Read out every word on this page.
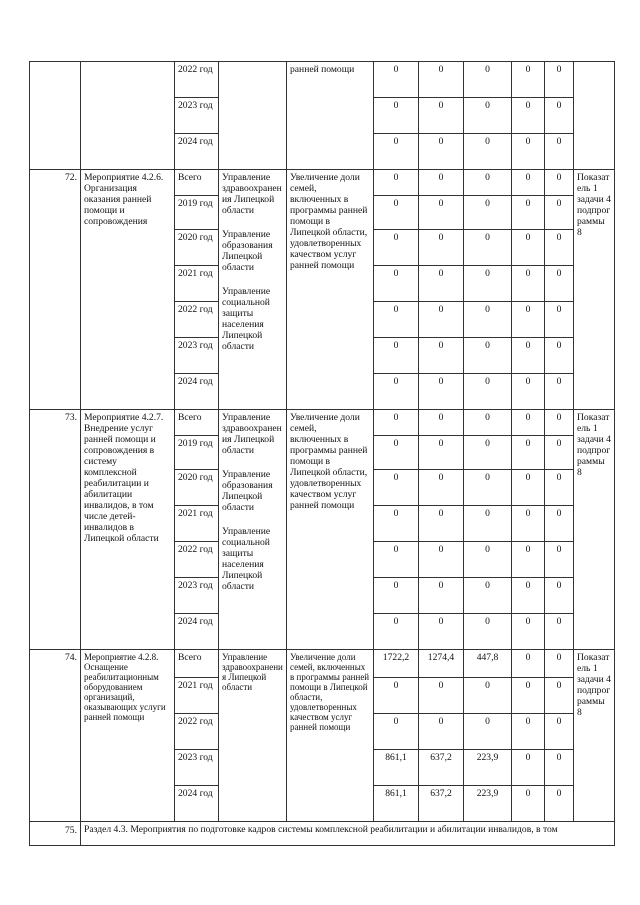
		2022 год		ранней помощи	0	0	0	0	0	
		2023 год			0	0	0	0	0	
		2024 год			0	0	0	0	0	
72.	Мероприятие 4.2.6. Организация оказания ранней помощи и сопровождения	Всего	Управление здравоохранения Липецкой области
Управление образования Липецкой области
Управление социальной защиты населения Липецкой области	Увеличение доли семей, включенных в программы ранней помощи в Липецкой области, удовлетворенных качеством услуг ранней помощи	0	0	0	0	0	Показатель 1 задачи 4 подпрограммы 8
		2019 год			0	0	0	0	0	
		2020 год			0	0	0	0	0	
		2021 год			0	0	0	0	0	
		2022 год			0	0	0	0	0	
		2023 год			0	0	0	0	0	
		2024 год			0	0	0	0	0	
73.	Мероприятие 4.2.7. Внедрение услуг ранней помощи и сопровождения в систему комплексной реабилитации и абилитации инвалидов, в том числе детей-инвалидов в Липецкой области	Всего	Управление здравоохранения Липецкой области
Управление образования Липецкой области
Управление социальной защиты населения Липецкой области	Увеличение доли семей, включенных в программы ранней помощи в Липецкой области, удовлетворенных качеством услуг ранней помощи	0	0	0	0	0	Показатель 1 задачи 4 подпрограммы 8
		2019 год			0	0	0	0	0	
		2020 год			0	0	0	0	0	
		2021 год			0	0	0	0	0	
		2022 год			0	0	0	0	0	
		2023 год			0	0	0	0	0	
		2024 год			0	0	0	0	0	
74.	Мероприятие 4.2.8. Оснащение реабилитационным оборудованием организаций, оказывающих услуги ранней помощи	Всего	Управление здравоохранения Липецкой области	Увеличение доли семей, включенных в программы ранней помощи в Липецкой области, удовлетворенных качеством услуг ранней помощи	1722,2	1274,4	447,8	0	0	Показатель 1 задачи 4 подпрограммы 8
		2021 год			0	0	0	0	0	
		2022 год			0	0	0	0	0	
		2023 год			861,1	637,2	223,9	0	0	
		2024 год			861,1	637,2	223,9	0	0	
75.	Раздел 4.3. Мероприятия по подготовке кадров системы комплексной реабилитации и абилитации инвалидов, в том									
